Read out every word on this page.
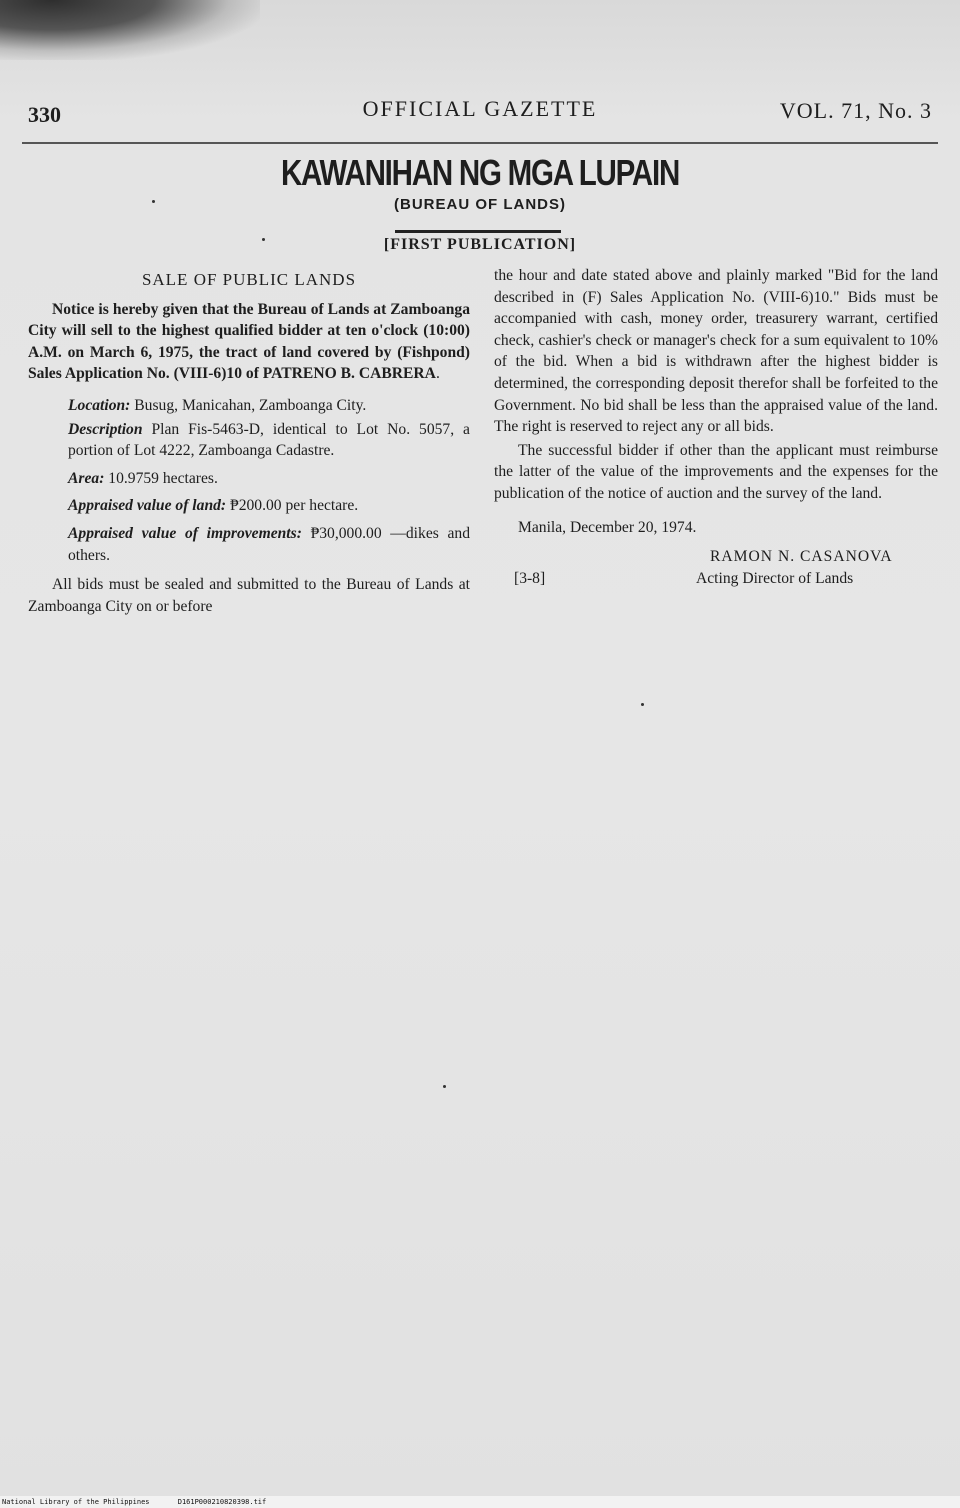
330	OFFICIAL GAZETTE	VOL. 71, No. 3
KAWANIHAN NG MGA LUPAIN
(BUREAU OF LANDS)
[FIRST PUBLICATION]
SALE OF PUBLIC LANDS

Notice is hereby given that the Bureau of Lands at Zamboanga City will sell to the highest qualified bidder at ten o'clock (10:00) A.M. on March 6, 1975, the tract of land covered by (Fishpond) Sales Application No. (VIII-6)10 of PATRENO B. CABRERA.

Location: Busug, Manicahan, Zamboanga City.
Description Plan Fis-5463-D, identical to Lot No. 5057, a portion of Lot 4222, Zamboanga Cadastre.
Area: 10.9759 hectares.
Appraised value of land: ₱200.00 per hectare.
Appraised value of improvements: ₱30,000.00 —dikes and others.

All bids must be sealed and submitted to the Bureau of Lands at Zamboanga City on or before

the hour and date stated above and plainly marked "Bid for the land described in (F) Sales Application No. (VIII-6)10." Bids must be accompanied with cash, money order, treasurery warrant, certified check, cashier's check or manager's check for a sum equivalent to 10% of the bid. When a bid is withdrawn after the highest bidder is determined, the corresponding deposit therefor shall be forfeited to the Government. No bid shall be less than the appraised value of the land. The right is reserved to reject any or all bids.

The successful bidder if other than the applicant must reimburse the latter of the value of the improvements and the expenses for the publication of the notice of auction and the survey of the land.

Manila, December 20, 1974.

RAMON N. CASANOVA
[3-8]	Acting Director of Lands
National Library of the Philippines	D161P000210820398.tif
